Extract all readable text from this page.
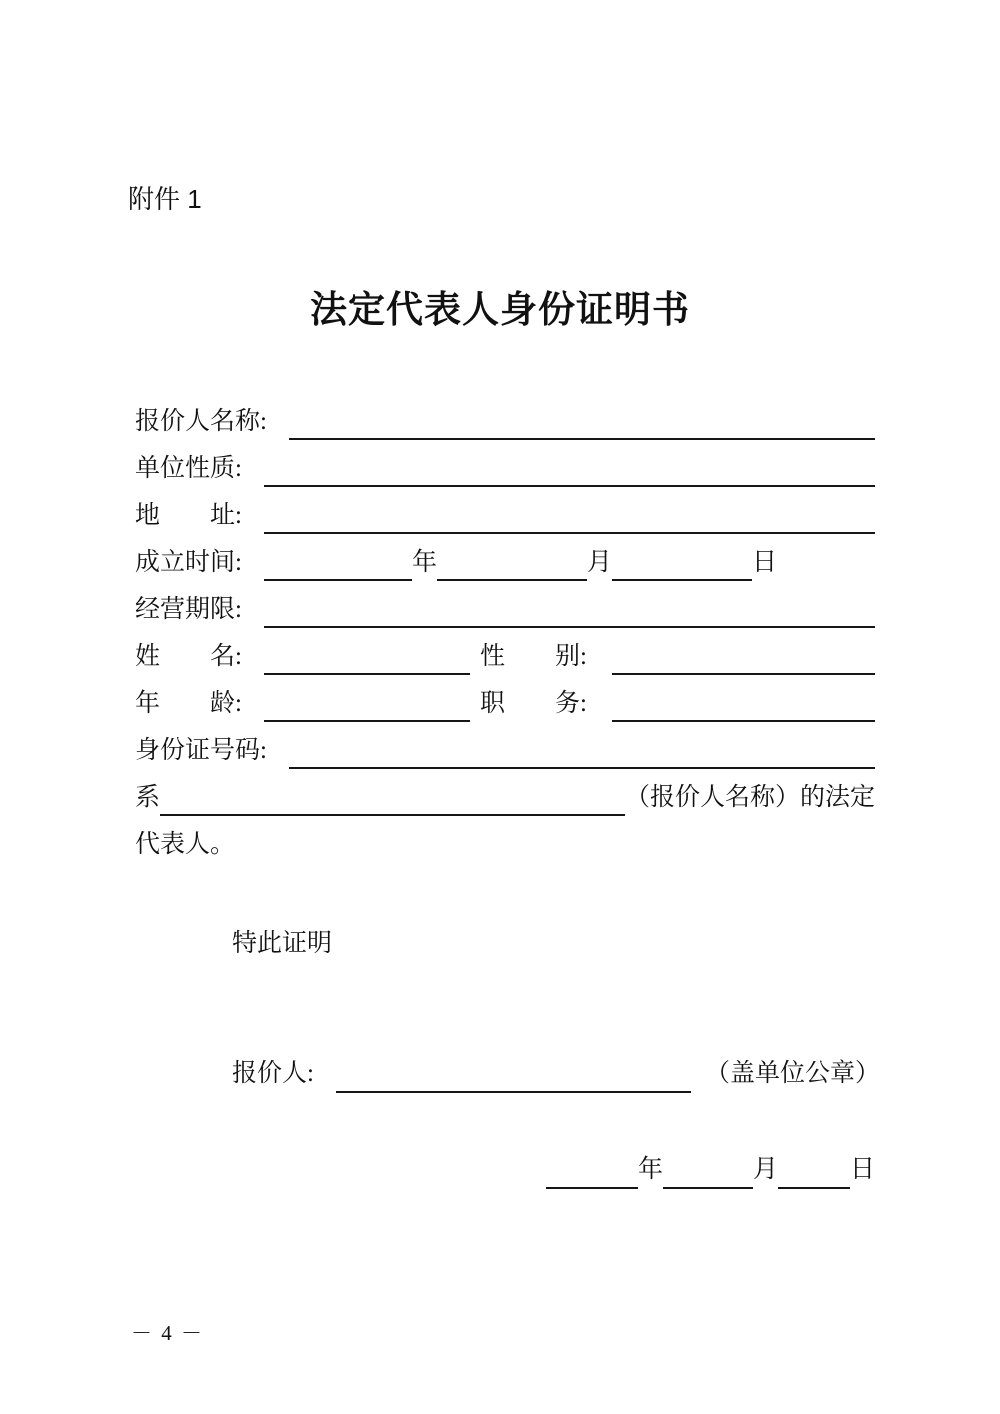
附件 1
法定代表人身份证明书
报价人名称:
单位性质:
地　　址:
成立时间:	年	月	日
经营期限:
姓　　名:	性　　别:
年　　龄:	职　　务:
身份证号码:
系	（报价人名称）的法定
代表人。
特此证明
报价人:	（盖单位公章）
年	月	日
－ 4 －
